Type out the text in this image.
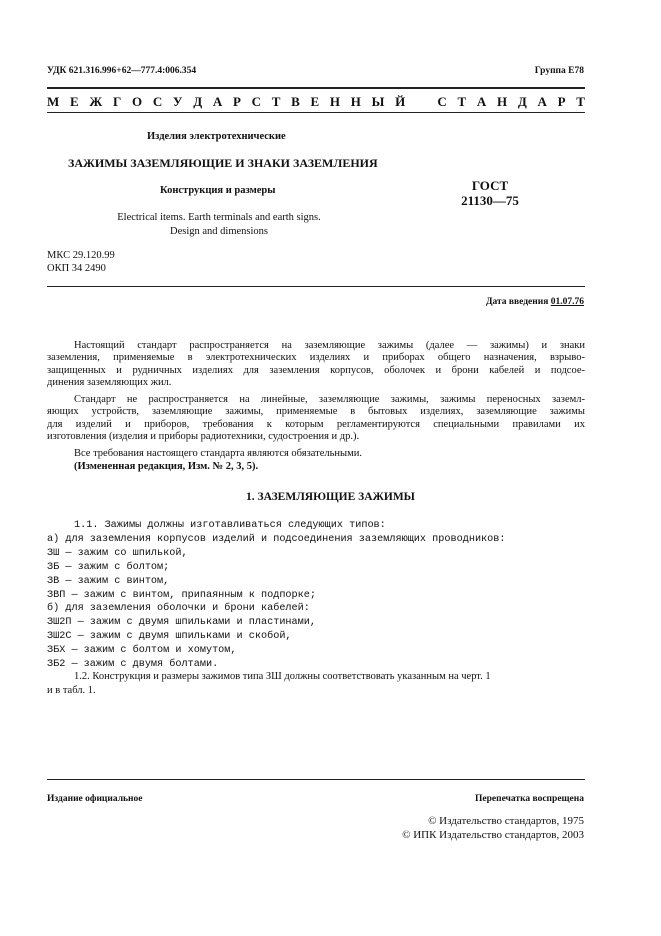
УДК 621.316.996+62—777.4:006.354	Группа Е78
М Е Ж Г О С У Д А Р С Т В Е Н Н Ы Й С Т А Н Д А Р Т
Изделия электротехнические
ЗАЖИМЫ ЗАЗЕМЛЯЮЩИЕ И ЗНАКИ ЗАЗЕМЛЕНИЯ
Конструкция и размеры	ГОСТ
21130—75
Electrical items. Earth terminals and earth signs.
Design and dimensions
МКС 29.120.99
ОКП 34 2490
Дата введения 01.07.76
Настоящий стандарт распространяется на заземляющие зажимы (далее — зажимы) и знаки
заземления, применяемые в электротехнических изделиях и приборах общего назначения, взрыво-
защищенных и рудничных изделиях для заземления корпусов, оболочек и брони кабелей и подсое-
динения заземляющих жил.
Стандарт не распространяется на линейные, заземляющие зажимы, зажимы переносных заземл-
яющих устройств, заземляющие зажимы, применяемые в бытовых изделиях, заземляющие зажимы
для изделий и приборов, требования к которым регламентируются специальными правилами их
изготовления (изделия и приборы радиотехники, судостроения и др.).
Все требования настоящего стандарта являются обязательными.
(Измененная редакция, Изм. № 2, 3, 5).
1. ЗАЗЕМЛЯЮЩИЕ ЗАЖИМЫ
1.1. Зажимы должны изготавливаться следующих типов:
а) для заземления корпусов изделий и подсоединения заземляющих проводников:
ЗШ — зажим со шпилькой,
ЗБ — зажим с болтом;
ЗВ — зажим с винтом,
ЗВП — зажим с винтом, припаянным к подпорке;
б) для заземления оболочки и брони кабелей:
ЗШ2П — зажим с двумя шпильками и пластинами,
ЗШ2С — зажим с двумя шпильками и скобой,
ЗБХ — зажим с болтом и хомутом,
ЗБ2 — зажим с двумя болтами.
1.2. Конструкция и размеры зажимов типа ЗШ должны соответствовать указанным на черт. 1
и в табл. 1.
Издание официальное	Перепечатка воспрещена
© Издательство стандартов, 1975
© ИПК Издательство стандартов, 2003
